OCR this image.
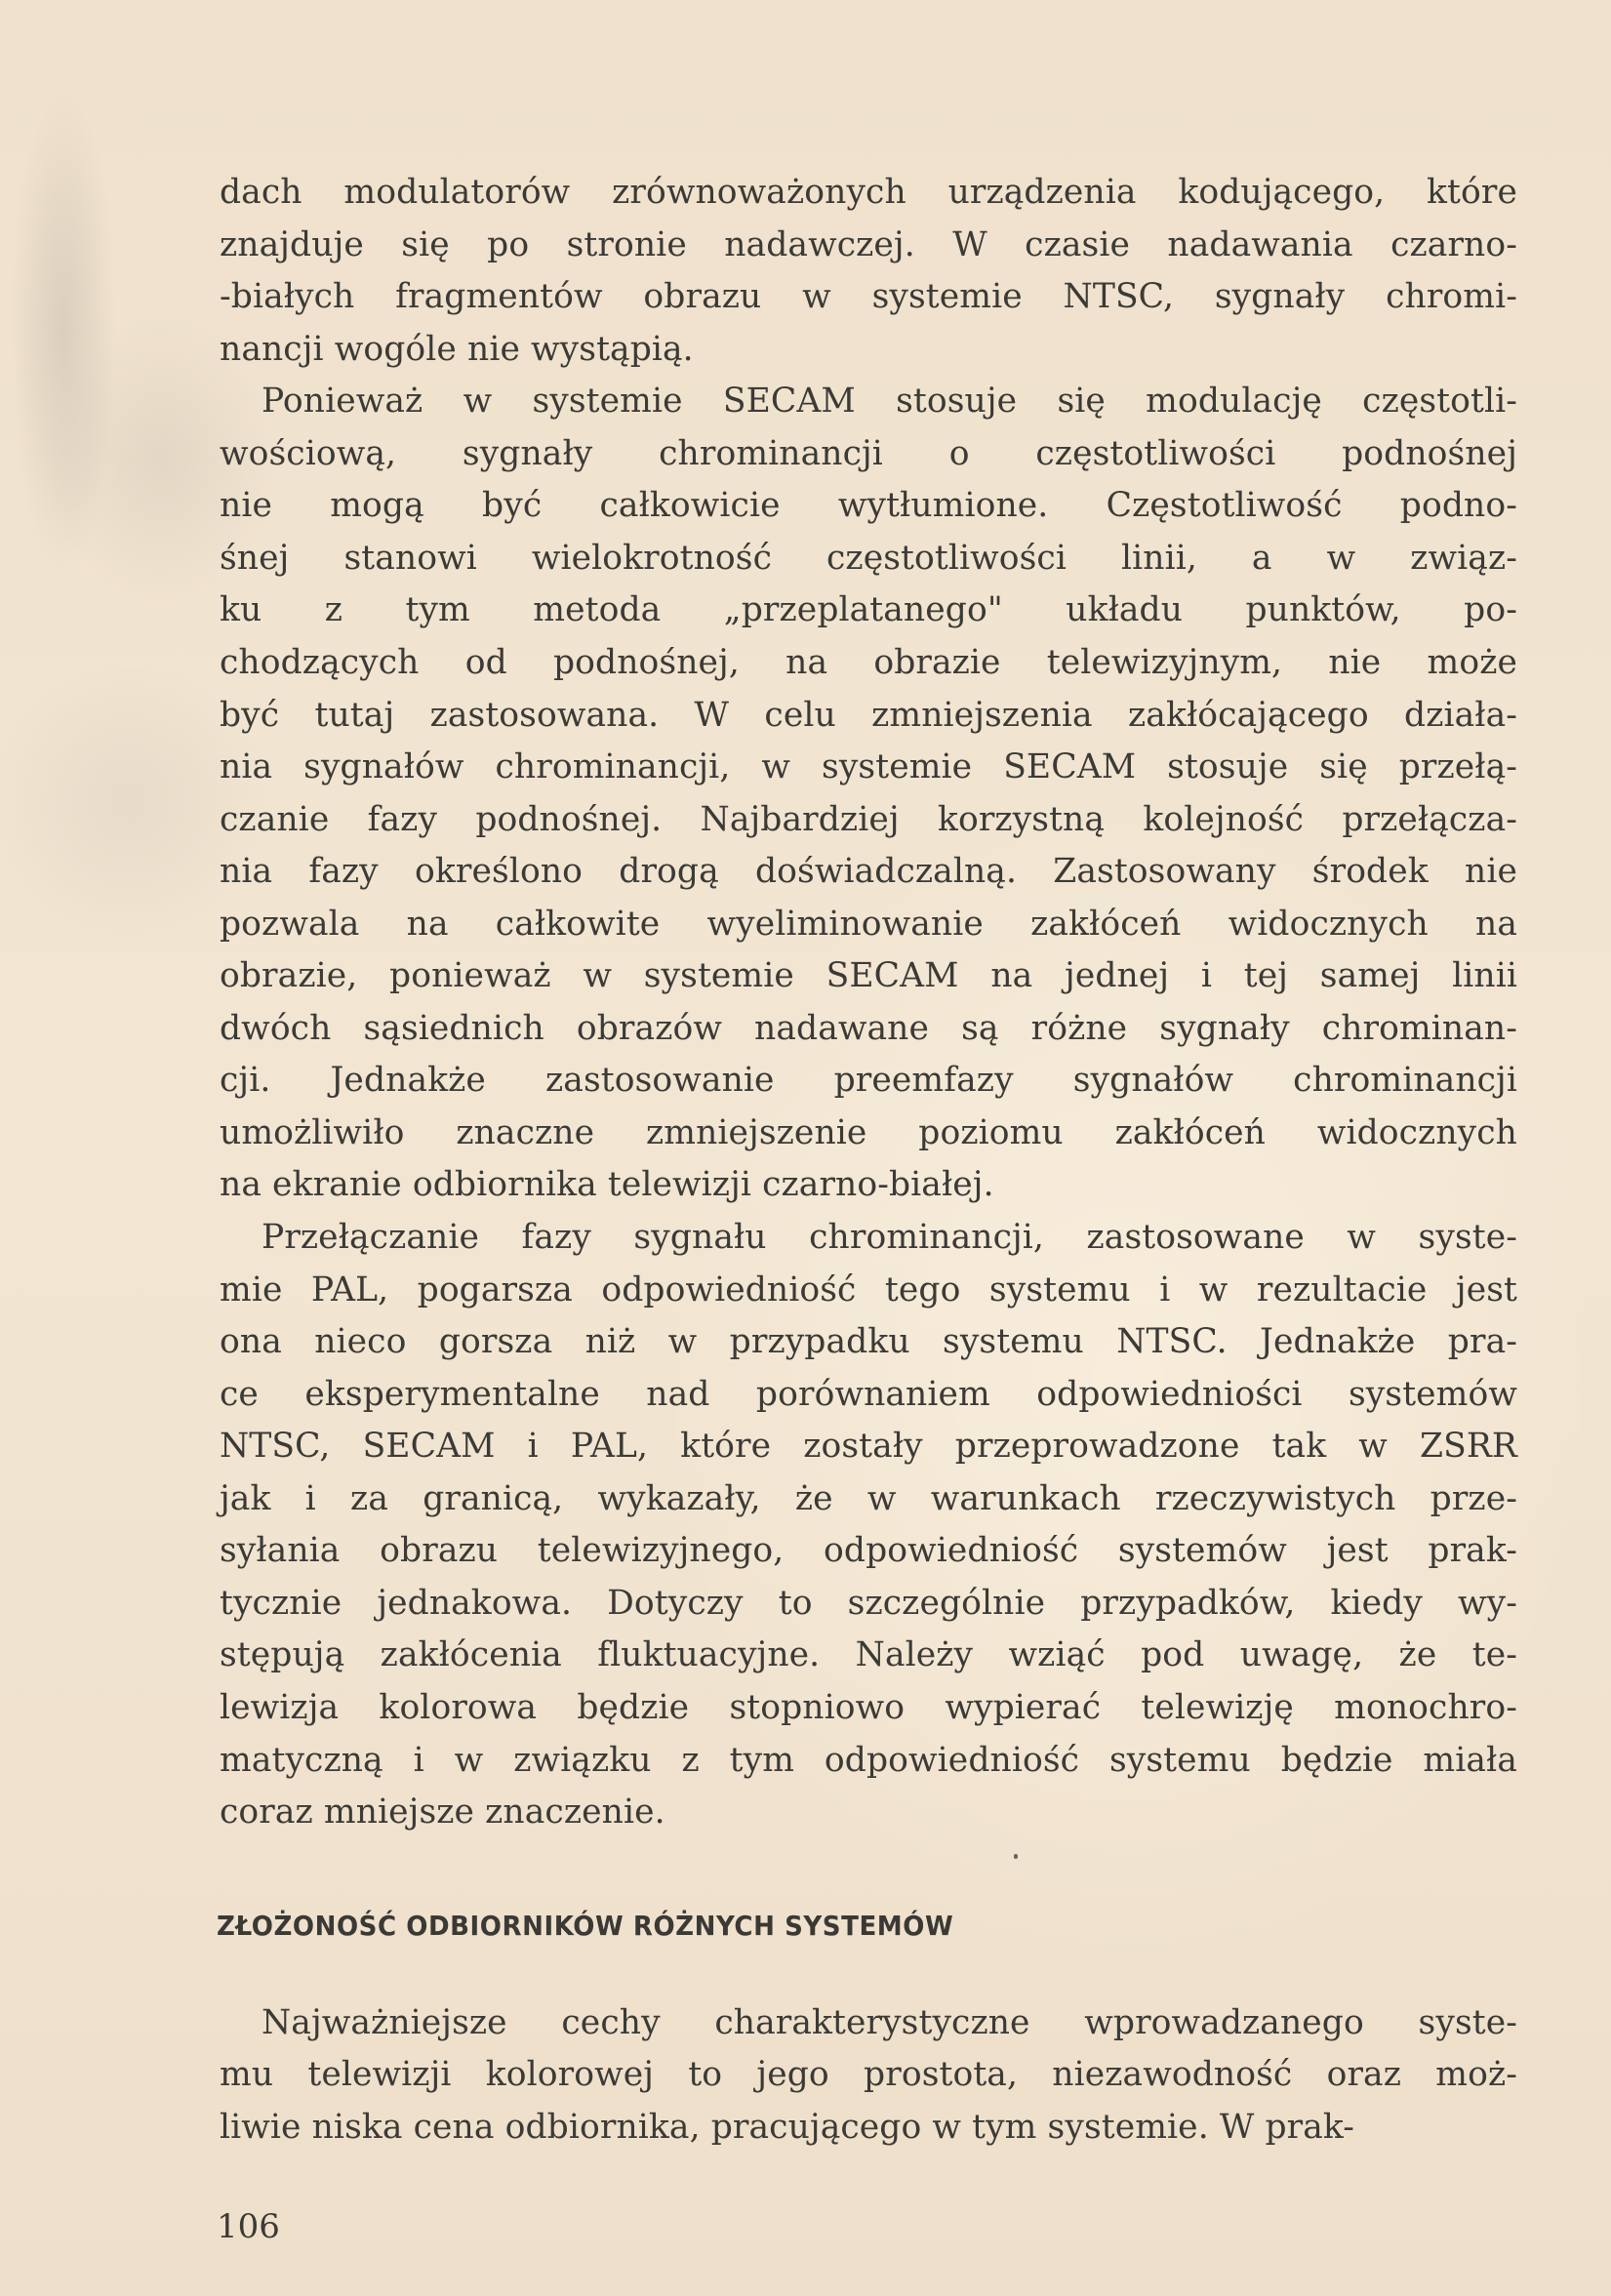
dach modulatorów zrównoważonych urządzenia kodującego, które
znajduje się po stronie nadawczej. W czasie nadawania czarno-
-białych fragmentów obrazu w systemie NTSC, sygnały chromi-
nancji wogóle nie wystąpią.
Ponieważ w systemie SECAM stosuje się modulację częstotli-
wościową, sygnały chrominancji o częstotliwości podnośnej
nie mogą być całkowicie wytłumione. Częstotliwość podno-
śnej stanowi wielokrotność częstotliwości linii, a w związ-
ku z tym metoda „przeplatanego" układu punktów, po-
chodzących od podnośnej, na obrazie telewizyjnym, nie może
być tutaj zastosowana. W celu zmniejszenia zakłócającego działa-
nia sygnałów chrominancji, w systemie SECAM stosuje się przełą-
czanie fazy podnośnej. Najbardziej korzystną kolejność przełącza-
nia fazy określono drogą doświadczalną. Zastosowany środek nie
pozwala na całkowite wyeliminowanie zakłóceń widocznych na
obrazie, ponieważ w systemie SECAM na jednej i tej samej linii
dwóch sąsiednich obrazów nadawane są różne sygnały chrominan-
cji. Jednakże zastosowanie preemfazy sygnałów chrominancji
umożliwiło znaczne zmniejszenie poziomu zakłóceń widocznych
na ekranie odbiornika telewizji czarno-białej.
Przełączanie fazy sygnału chrominancji, zastosowane w syste-
mie PAL, pogarsza odpowiedniość tego systemu i w rezultacie jest
ona nieco gorsza niż w przypadku systemu NTSC. Jednakże pra-
ce eksperymentalne nad porównaniem odpowiedniości systemów
NTSC, SECAM i PAL, które zostały przeprowadzone tak w ZSRR
jak i za granicą, wykazały, że w warunkach rzeczywistych prze-
syłania obrazu telewizyjnego, odpowiedniość systemów jest prak-
tycznie jednakowa. Dotyczy to szczególnie przypadków, kiedy wy-
stępują zakłócenia fluktuacyjne. Należy wziąć pod uwagę, że te-
lewizja kolorowa będzie stopniowo wypierać telewizję monochro-
matyczną i w związku z tym odpowiedniość systemu będzie miała
coraz mniejsze znaczenie.
ZŁOŻONOŚĆ ODBIORNIKÓW RÓŻNYCH SYSTEMÓW
Najważniejsze cechy charakterystyczne wprowadzanego syste-
mu telewizji kolorowej to jego prostota, niezawodność oraz moż-
liwie niska cena odbiornika, pracującego w tym systemie. W prak-
106
